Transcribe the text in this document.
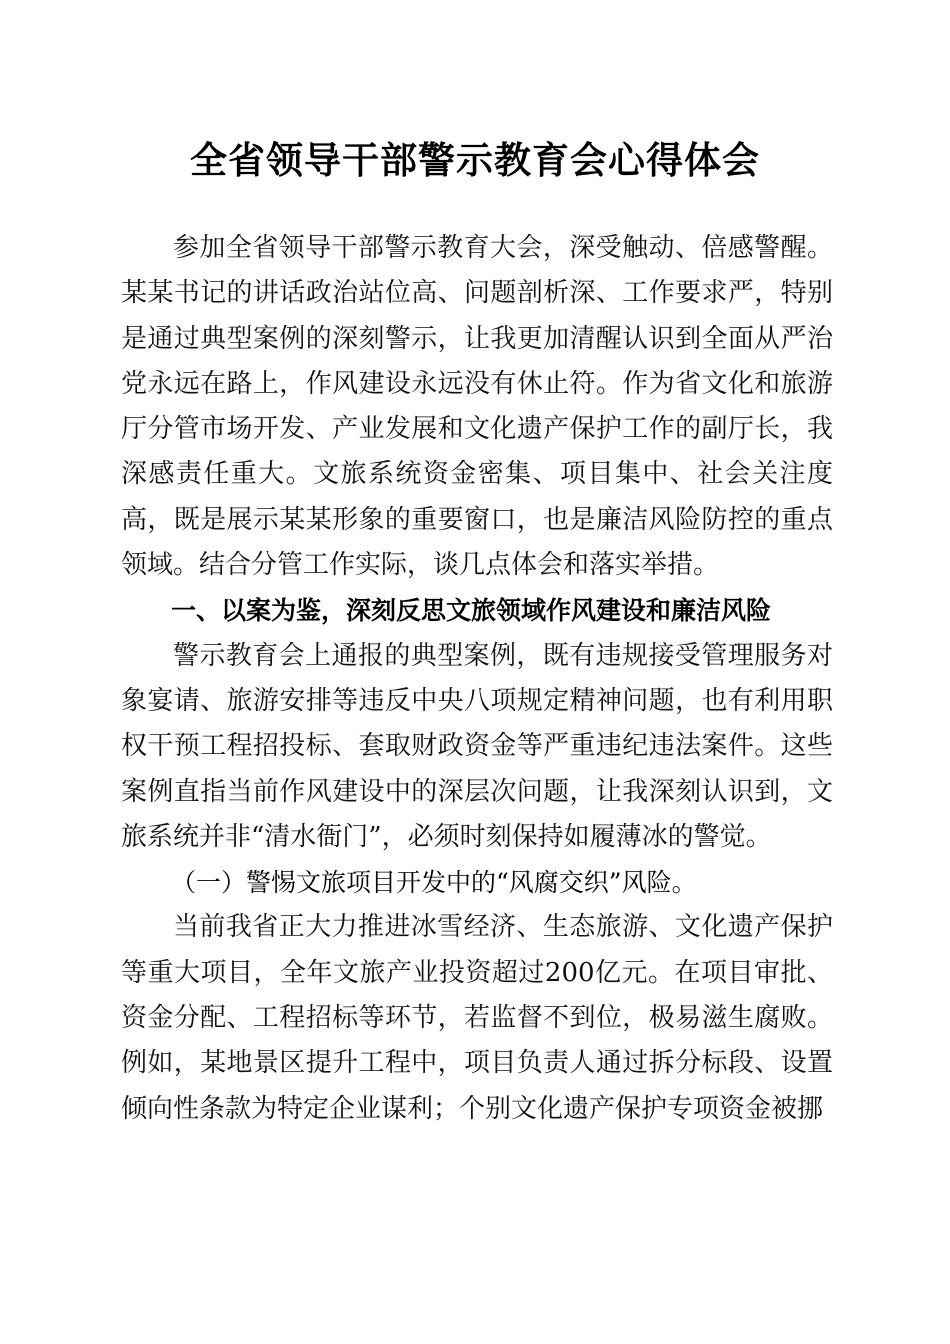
全省领导干部警示教育会心得体会

参加全省领导干部警示教育大会，深受触动、倍感警醒。某某书记的讲话政治站位高、问题剖析深、工作要求严，特别是通过典型案例的深刻警示，让我更加清醒认识到全面从严治党永远在路上，作风建设永远没有休止符。作为省文化和旅游厅分管市场开发、产业发展和文化遗产保护工作的副厅长，我深感责任重大。文旅系统资金密集、项目集中、社会关注度高，既是展示某某形象的重要窗口，也是廉洁风险防控的重点领域。结合分管工作实际，谈几点体会和落实举措。

一、以案为鉴，深刻反思文旅领域作风建设和廉洁风险

警示教育会上通报的典型案例，既有违规接受管理服务对象宴请、旅游安排等违反中央八项规定精神问题，也有利用职权干预工程招投标、套取财政资金等严重违纪违法案件。这些案例直指当前作风建设中的深层次问题，让我深刻认识到，文旅系统并非“清水衙门”，必须时刻保持如履薄冰的警觉。

（一）警惕文旅项目开发中的“风腐交织”风险。

当前我省正大力推进冰雪经济、生态旅游、文化遗产保护等重大项目，全年文旅产业投资超过200亿元。在项目审批、资金分配、工程招标等环节，若监督不到位，极易滋生腐败。例如，某地景区提升工程中，项目负责人通过拆分标段、设置倾向性条款为特定企业谋利；个别文化遗产保护专项资金被挪
